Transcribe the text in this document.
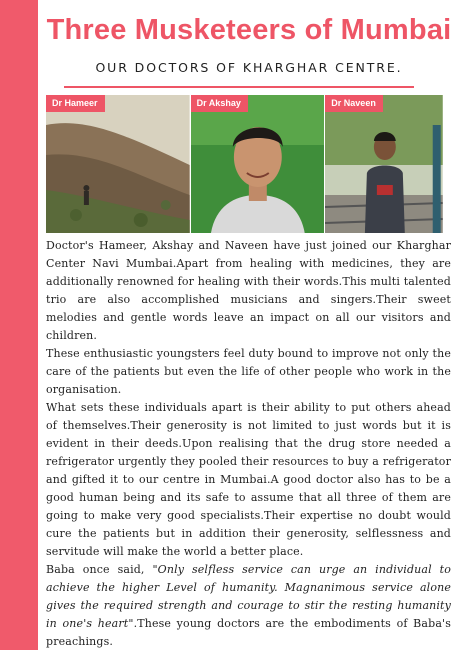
Three Musketeers of Mumbai
OUR DOCTORS OF KHARGHAR CENTRE.
Dr Hameer	Dr Akshay	Dr Naveen

Doctor's Hameer, Akshay and Naveen have just joined our Kharghar Center Navi Mumbai.Apart from healing with medicines, they are additionally renowned for healing with their words.This multi talented trio are also accomplished musicians and singers.Their sweet melodies and gentle words leave an impact on all our visitors and children.

These enthusiastic youngsters feel duty bound to improve not only the care of the patients but even the life of other people who work in the organisation.

What sets these individuals apart is their ability to put others ahead of themselves.Their generosity is not limited to just words but it is evident in their deeds.Upon realising that the drug store needed a refrigerator urgently they pooled their resources to buy a refrigerator and gifted it to our centre in Mumbai.A good doctor also has to be a good human being and its safe to assume that all three of them are going to make very good specialists.Their expertise no doubt would cure the patients but in addition their generosity, selflessness and servitude will make the world a better place.

Baba once said, "Only selfless service can urge an individual to achieve the higher Level of humanity. Magnanimous service alone gives the required strength and courage to stir the resting humanity in one's heart".These young doctors are the embodiments of Baba's preachings.
